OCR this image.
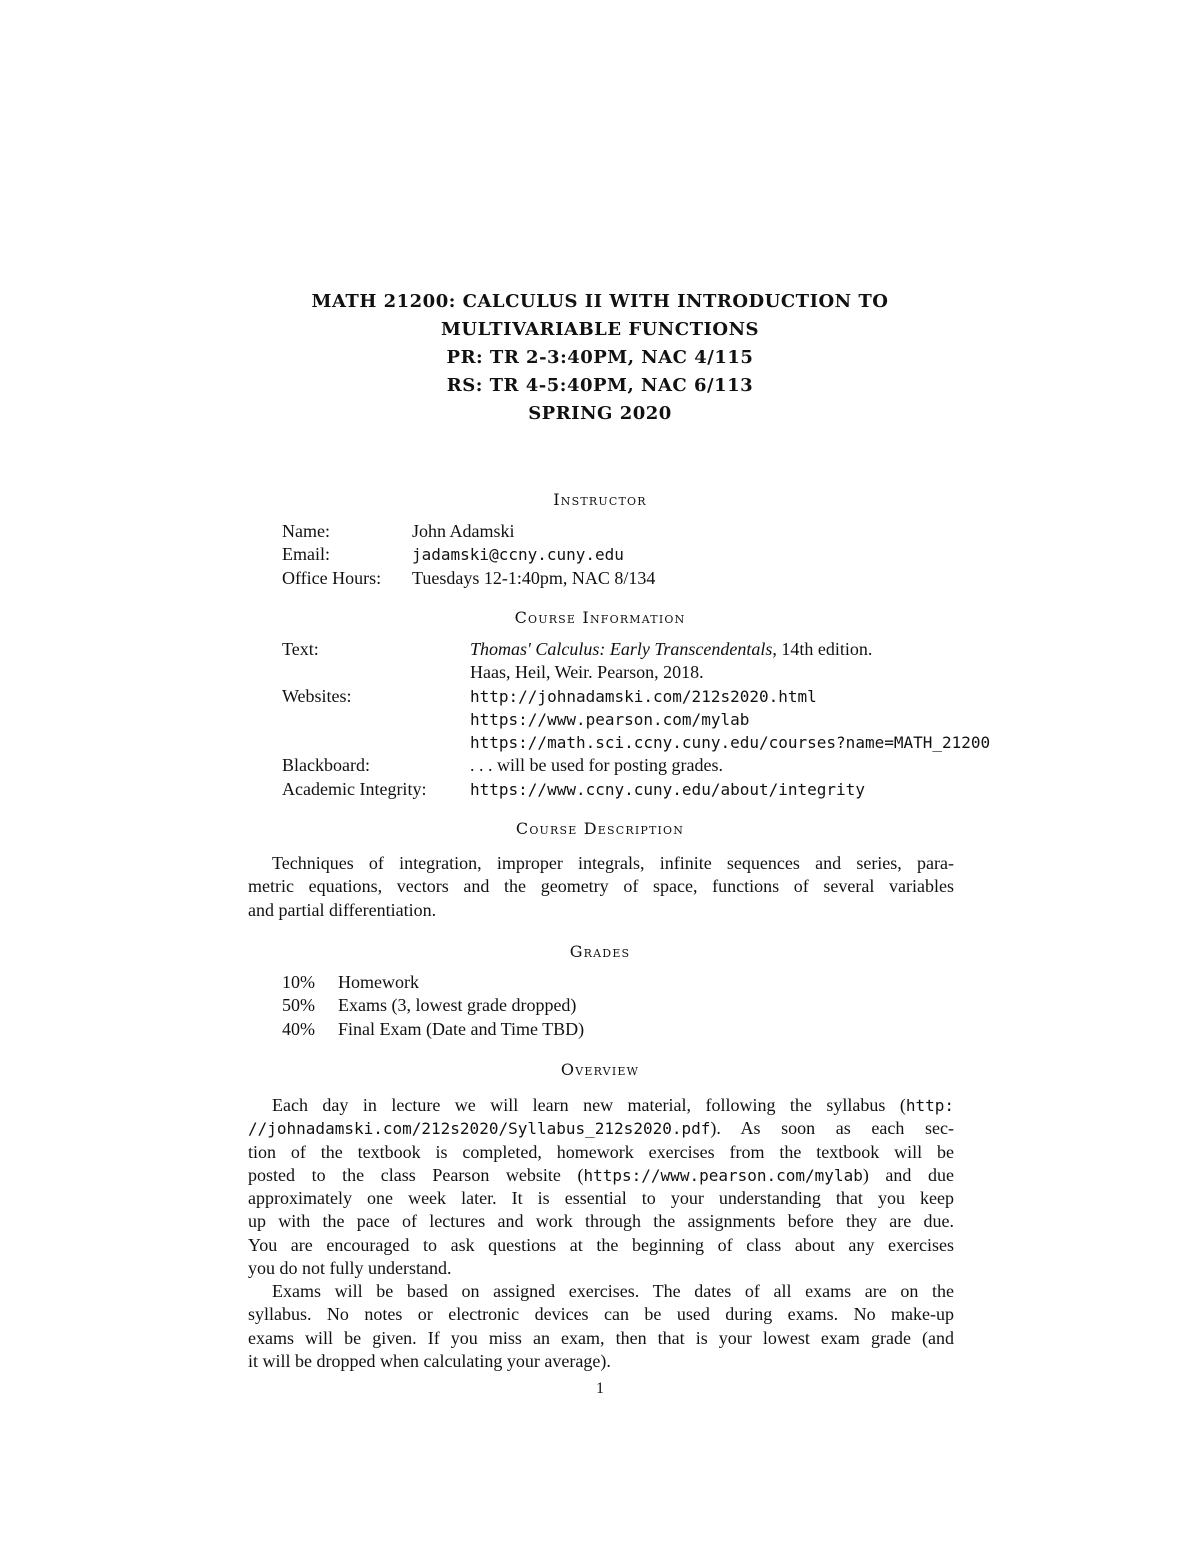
MATH 21200: CALCULUS II WITH INTRODUCTION TO
MULTIVARIABLE FUNCTIONS
PR: TR 2-3:40PM, NAC 4/115
RS: TR 4-5:40PM, NAC 6/113
SPRING 2020
Instructor
Name:	John Adamski
Email:	jadamski@ccny.cuny.edu
Office Hours: Tuesdays 12-1:40pm, NAC 8/134
Course Information
Text:	Thomas' Calculus: Early Transcendentals, 14th edition.
Haas, Heil, Weir. Pearson, 2018.
Websites:	http://johnadamski.com/212s2020.html
https://www.pearson.com/mylab
https://math.sci.ccny.cuny.edu/courses?name=MATH_21200
Blackboard:	. . . will be used for posting grades.
Academic Integrity:	https://www.ccny.cuny.edu/about/integrity
Course Description
Techniques of integration, improper integrals, infinite sequences and series, para-
metric equations, vectors and the geometry of space, functions of several variables
and partial differentiation.
Grades
10% Homework
50% Exams (3, lowest grade dropped)
40% Final Exam (Date and Time TBD)
Overview
Each day in lecture we will learn new material, following the syllabus (http:
//johnadamski.com/212s2020/Syllabus_212s2020.pdf). As soon as each sec-
tion of the textbook is completed, homework exercises from the textbook will be
posted to the class Pearson website (https://www.pearson.com/mylab) and due
approximately one week later. It is essential to your understanding that you keep
up with the pace of lectures and work through the assignments before they are due.
You are encouraged to ask questions at the beginning of class about any exercises
you do not fully understand.
Exams will be based on assigned exercises. The dates of all exams are on the
syllabus. No notes or electronic devices can be used during exams. No make-up
exams will be given. If you miss an exam, then that is your lowest exam grade (and
it will be dropped when calculating your average).
1
